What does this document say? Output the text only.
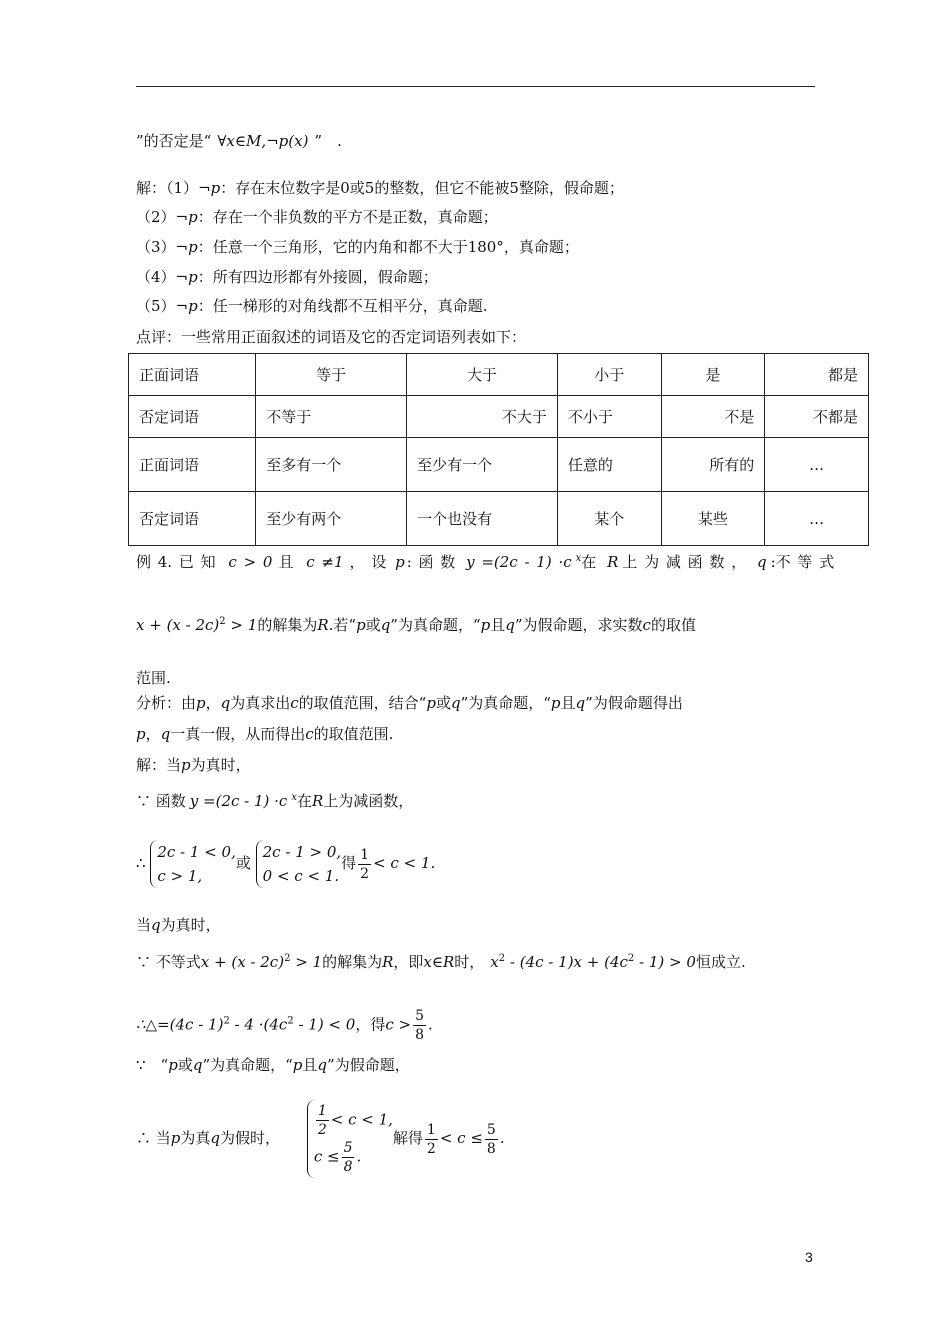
”的否定是“ ∀x∈M,¬p(x) ”　.
解：（1）¬p：存在末位数字是0或5的整数，但它不能被5整除，假命题；
（2）¬p：存在一个非负数的平方不是正数，真命题；
（3）¬p：任意一个三角形，它的内角和都不大于180°，真命题；
（4）¬p：所有四边形都有外接圆，假命题；
（5）¬p：任一梯形的对角线都不互相平分，真命题.
点评：一些常用正面叙述的词语及它的否定词语列表如下：
正面词语	等于	大于	小于	是	都是
否定词语	不等于	不大于	不小于	不是	不都是
正面词语	至多有一个	至少有一个	任意的	所有的	…
否定词语	至少有两个	一个也没有	某个	某些	…
例 4. 已 知 c > 0 且 c ≠1 ， 设 p : 函 数 y =(2c - 1) ·c $^x$在 R 上 为 减 函 数 ， q :不 等 式
x + (x - 2c)$^2$ > 1的解集为R.若“p或q”为真命题，“p且q”为假命题，求实数c的取值
范围.
分析：由p，q为真求出c的取值范围，结合“p或q”为真命题，“p且q”为假命题得出
p，q一真一假，从而得出c的取值范围.
解：当p为真时，
∵ 函数 y =(2c - 1) ·c $^x$在R上为减函数，
∴
2c - 1 < 0,
c > 1,
或
2c - 1 > 0,
0 < c < 1.
得 $\frac{1}{2} < c < 1$.
当q为真时，
∵ 不等式x + (x - 2c)$^2$ > 1的解集为R，即x∈R时， $x^2 - (4c - 1)x + (4c^2 - 1) > 0$恒成立.
∴△=(4c - $1)^2 - 4 \cdot(4c^2 - 1) < 0$，得$c > \frac{5}{8}$ .
∵　“p或q”为真命题，“p且q”为假命题，
∴ 当p为真q为假时，	$\frac{1}{2} < c < 1$,
$c \le \frac{5}{8}$ .
解得 $\frac{1}{2} < c \le \frac{5}{8}$ .
3
